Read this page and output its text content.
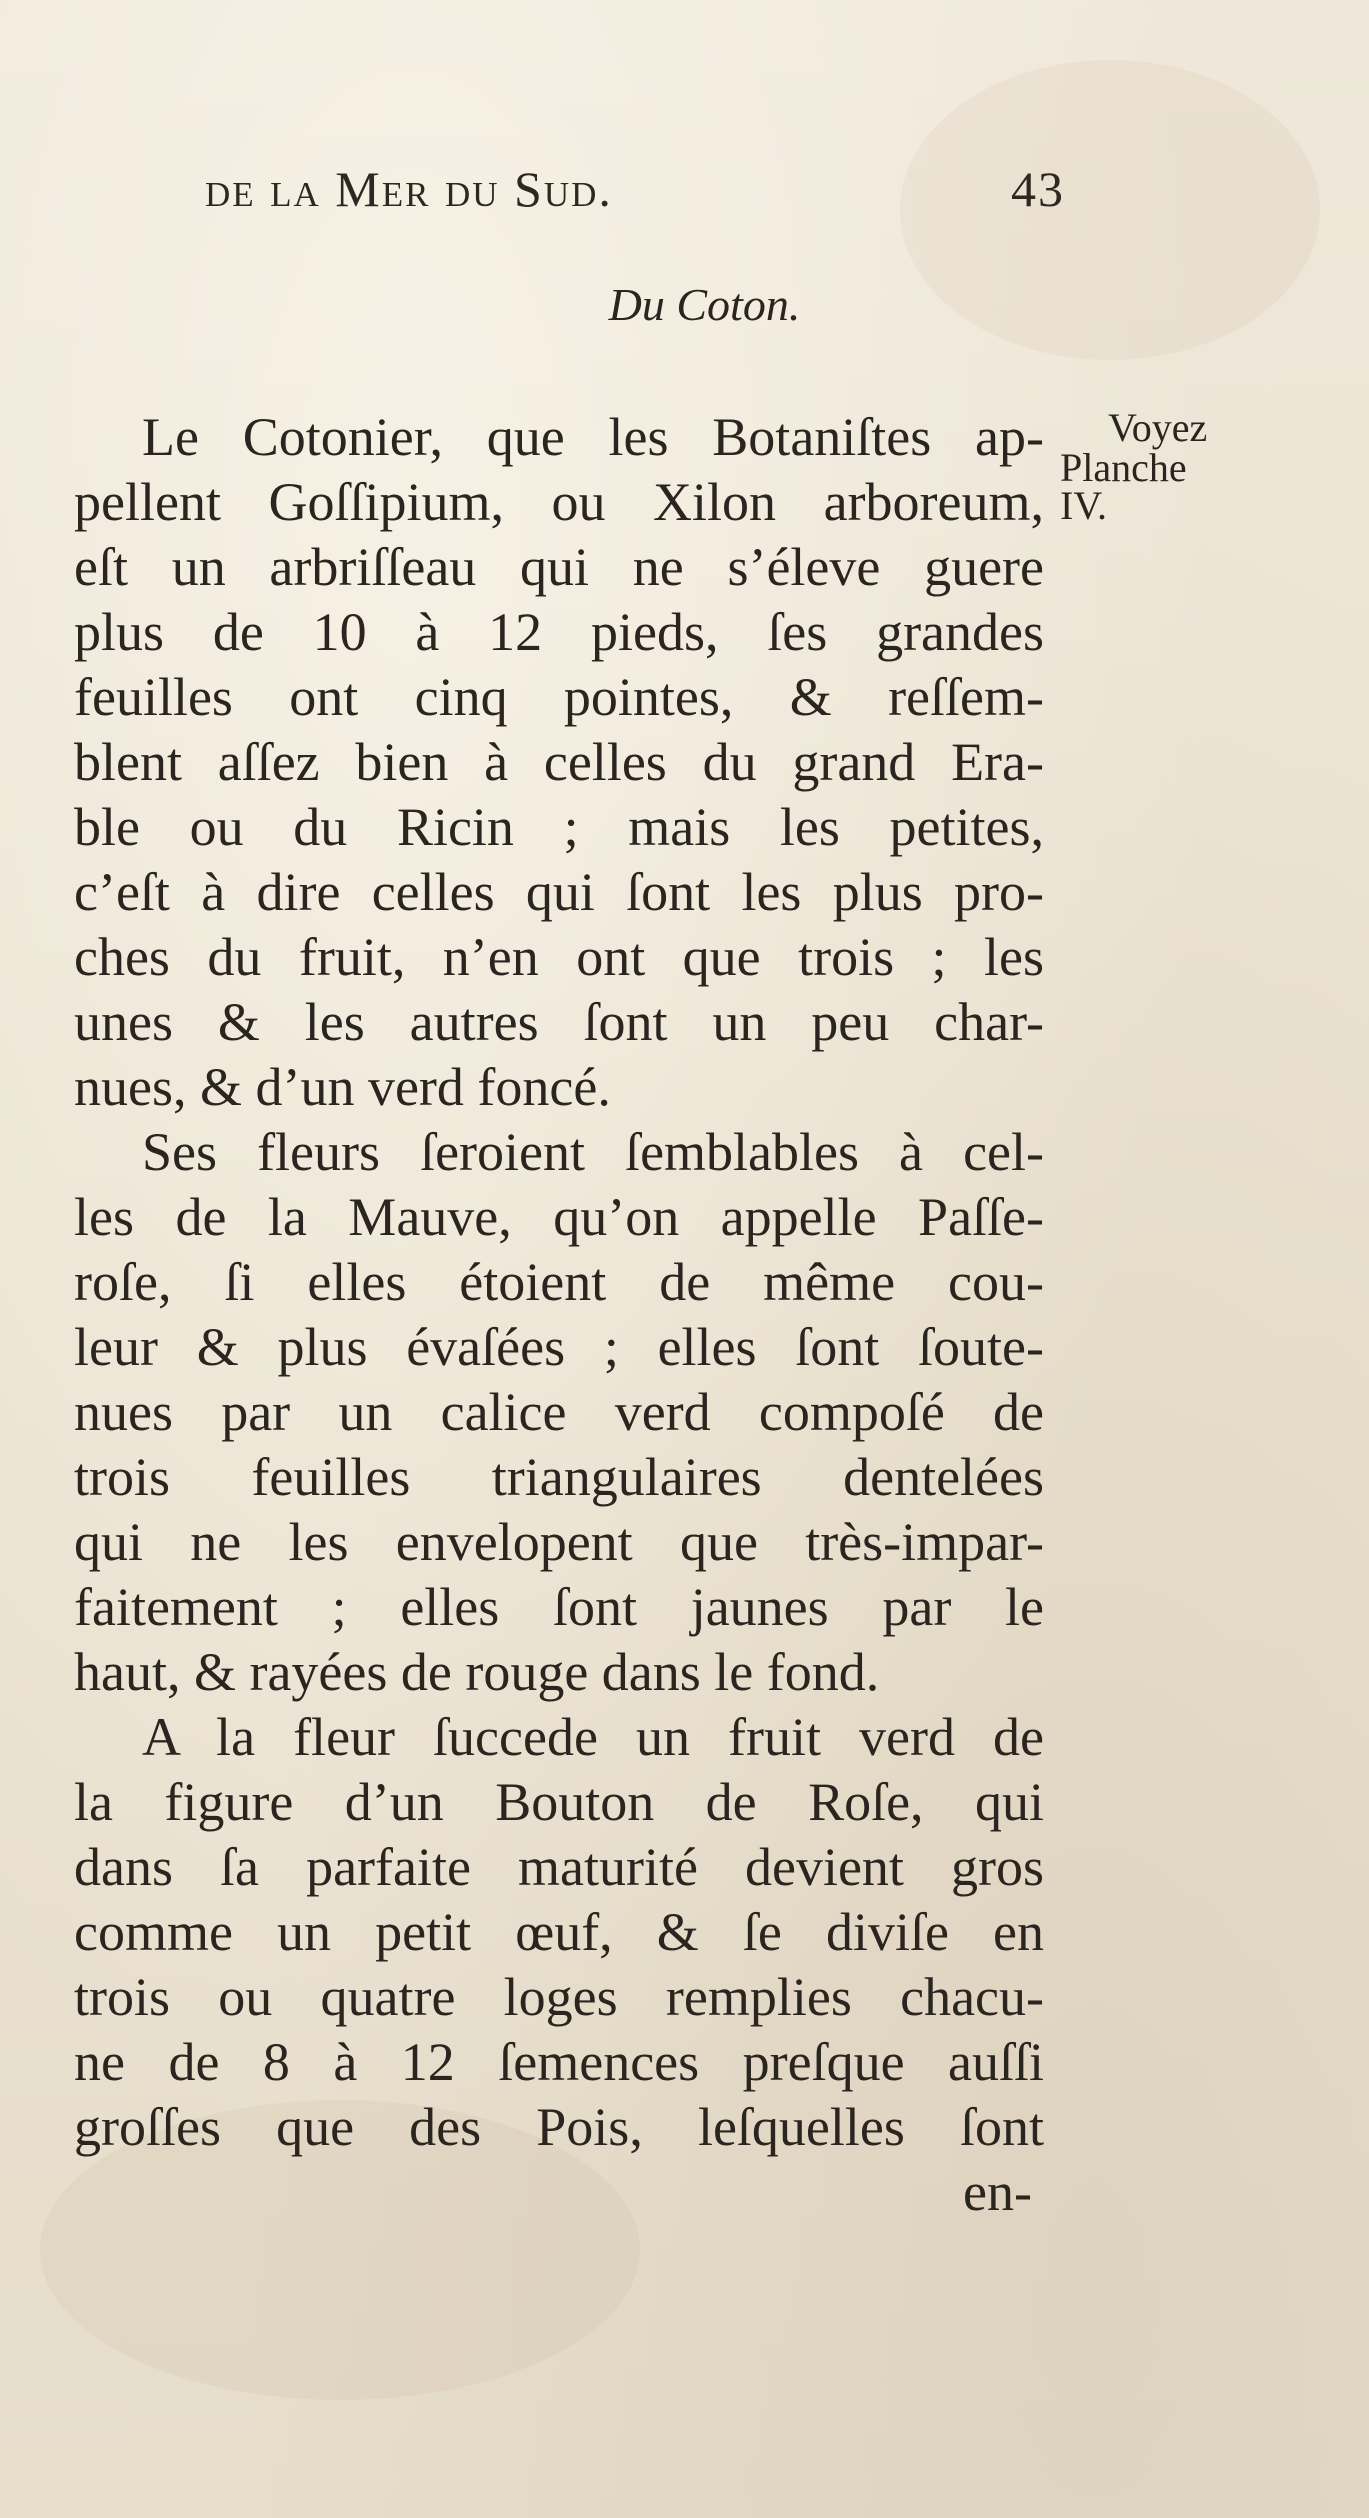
de la Mer du Sud.	43
Du Coton.
Voyez
Planche
IV.
Le Cotonier, que les Botaniſtes ap-
pellent Goſſipium, ou Xilon arboreum,
eſt un arbriſſeau qui ne s’éleve guere
plus de 10 à 12 pieds, ſes grandes
feuilles ont cinq pointes, & reſſem-
blent aſſez bien à celles du grand Era-
ble ou du Ricin ; mais les petites,
c’eſt à dire celles qui ſont les plus pro-
ches du fruit, n’en ont que trois ; les
unes & les autres ſont un peu char-
nues, & d’un verd foncé.
Ses fleurs ſeroient ſemblables à cel-
les de la Mauve, qu’on appelle Paſſe-
roſe, ſi elles étoient de même cou-
leur & plus évaſées ; elles ſont ſoute-
nues par un calice verd compoſé de
trois feuilles triangulaires dentelées
qui ne les envelopent que très-impar-
faitement ; elles ſont jaunes par le
haut, & rayées de rouge dans le fond.
A la fleur ſuccede un fruit verd de
la figure d’un Bouton de Roſe, qui
dans ſa parfaite maturité devient gros
comme un petit œuf, & ſe diviſe en
trois ou quatre loges remplies chacu-
ne de 8 à 12 ſemences preſque auſſi
groſſes que des Pois, leſquelles ſont
en-
